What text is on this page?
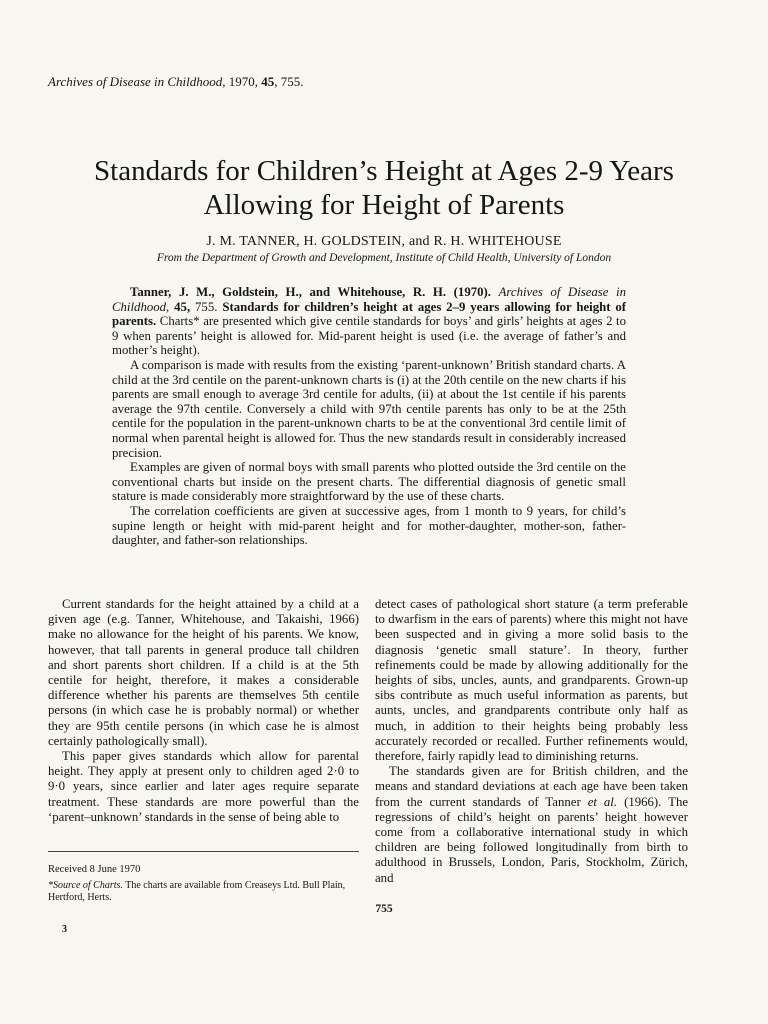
Archives of Disease in Childhood, 1970, 45, 755.
Standards for Children’s Height at Ages 2-9 Years
Allowing for Height of Parents
J. M. TANNER, H. GOLDSTEIN, and R. H. WHITEHOUSE
From the Department of Growth and Development, Institute of Child Health, University of London

Tanner, J. M., Goldstein, H., and Whitehouse, R. H. (1970). Archives of Disease in Childhood, 45, 755. Standards for children’s height at ages 2–9 years allowing for height of parents. Charts* are presented which give centile standards for boys’ and girls’ heights at ages 2 to 9 when parents’ height is allowed for. Mid-parent height is used (i.e. the average of father’s and mother’s height).

A comparison is made with results from the existing ‘parent-unknown’ British standard charts. A child at the 3rd centile on the parent-unknown charts is (i) at the 20th centile on the new charts if his parents are small enough to average 3rd centile for adults, (ii) at about the 1st centile if his parents average the 97th centile. Conversely a child with 97th centile parents has only to be at the 25th centile for the population in the parent-unknown charts to be at the conventional 3rd centile limit of normal when parental height is allowed for. Thus the new standards result in considerably increased precision.

Examples are given of normal boys with small parents who plotted outside the 3rd centile on the conventional charts but inside on the present charts. The differential diagnosis of genetic small stature is made considerably more straightforward by the use of these charts.

The correlation coefficients are given at successive ages, from 1 month to 9 years, for child’s supine length or height with mid-parent height and for mother-daughter, mother-son, father-daughter, and father-son relationships.

Current standards for the height attained by a child at a given age (e.g. Tanner, Whitehouse, and Takaishi, 1966) make no allowance for the height of his parents. We know, however, that tall parents in general produce tall children and short parents short children. If a child is at the 5th centile for height, therefore, it makes a considerable difference whether his parents are themselves 5th centile persons (in which case he is probably normal) or whether they are 95th centile persons (in which case he is almost certainly pathologically small).

This paper gives standards which allow for parental height. They apply at present only to children aged 2·0 to 9·0 years, since earlier and later ages require separate treatment. These standards are more powerful than the ‘parent–unknown’ standards in the sense of being able to

detect cases of pathological short stature (a term preferable to dwarfism in the ears of parents) where this might not have been suspected and in giving a more solid basis to the diagnosis ‘genetic small stature’. In theory, further refinements could be made by allowing additionally for the heights of sibs, uncles, aunts, and grandparents. Grown-up sibs contribute as much useful information as parents, but aunts, uncles, and grandparents contribute only half as much, in addition to their heights being probably less accurately recorded or recalled. Further refinements would, therefore, fairly rapidly lead to diminishing returns.

The standards given are for British children, and the means and standard deviations at each age have been taken from the current standards of Tanner et al. (1966). The regressions of child’s height on parents’ height however come from a collaborative international study in which children are being followed longitudinally from birth to adulthood in Brussels, London, Paris, Stockholm, Zürich, and

Received 8 June 1970
*Source of Charts. The charts are available from Creaseys Ltd. Bull Plain, Hertford, Herts.
755
3
